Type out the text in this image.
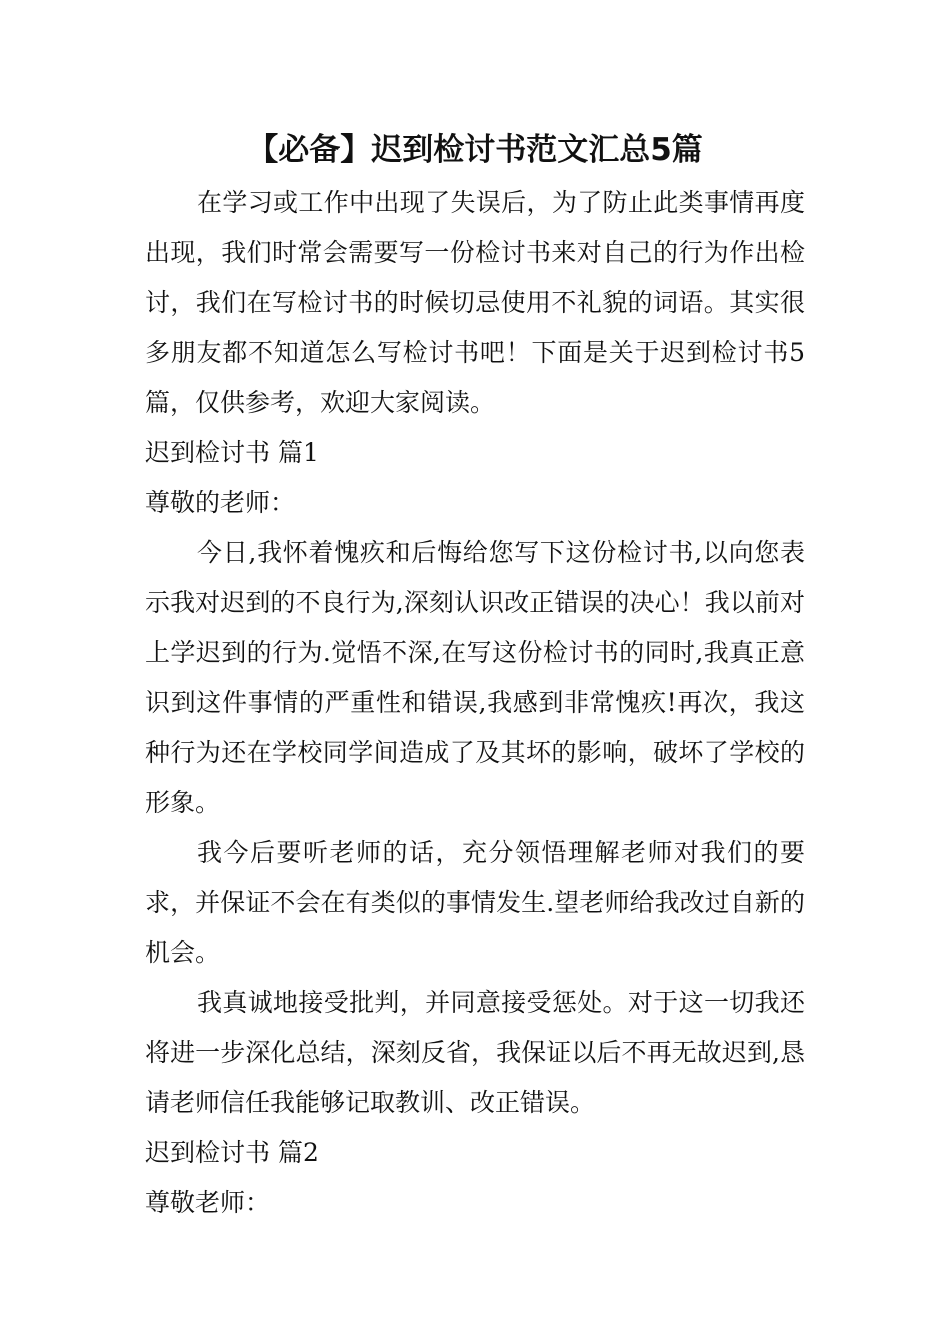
【必备】迟到检讨书范文汇总5篇

在学习或工作中出现了失误后，为了防止此类事情再度出现，我们时常会需要写一份检讨书来对自己的行为作出检讨，我们在写检讨书的时候切忌使用不礼貌的词语。其实很多朋友都不知道怎么写检讨书吧！下面是关于迟到检讨书5篇，仅供参考，欢迎大家阅读。

迟到检讨书 篇1

尊敬的老师：

今日,我怀着愧疚和后悔给您写下这份检讨书,以向您表示我对迟到的不良行为,深刻认识改正错误的决心！我以前对上学迟到的行为.觉悟不深,在写这份检讨书的同时,我真正意识到这件事情的严重性和错误,我感到非常愧疚!再次，我这种行为还在学校同学间造成了及其坏的影响，破坏了学校的形象。

我今后要听老师的话，充分领悟理解老师对我们的要求，并保证不会在有类似的事情发生.望老师给我改过自新的机会。

我真诚地接受批判，并同意接受惩处。对于这一切我还将进一步深化总结，深刻反省，我保证以后不再无故迟到,恳请老师信任我能够记取教训、改正错误。

迟到检讨书 篇2

尊敬老师：
